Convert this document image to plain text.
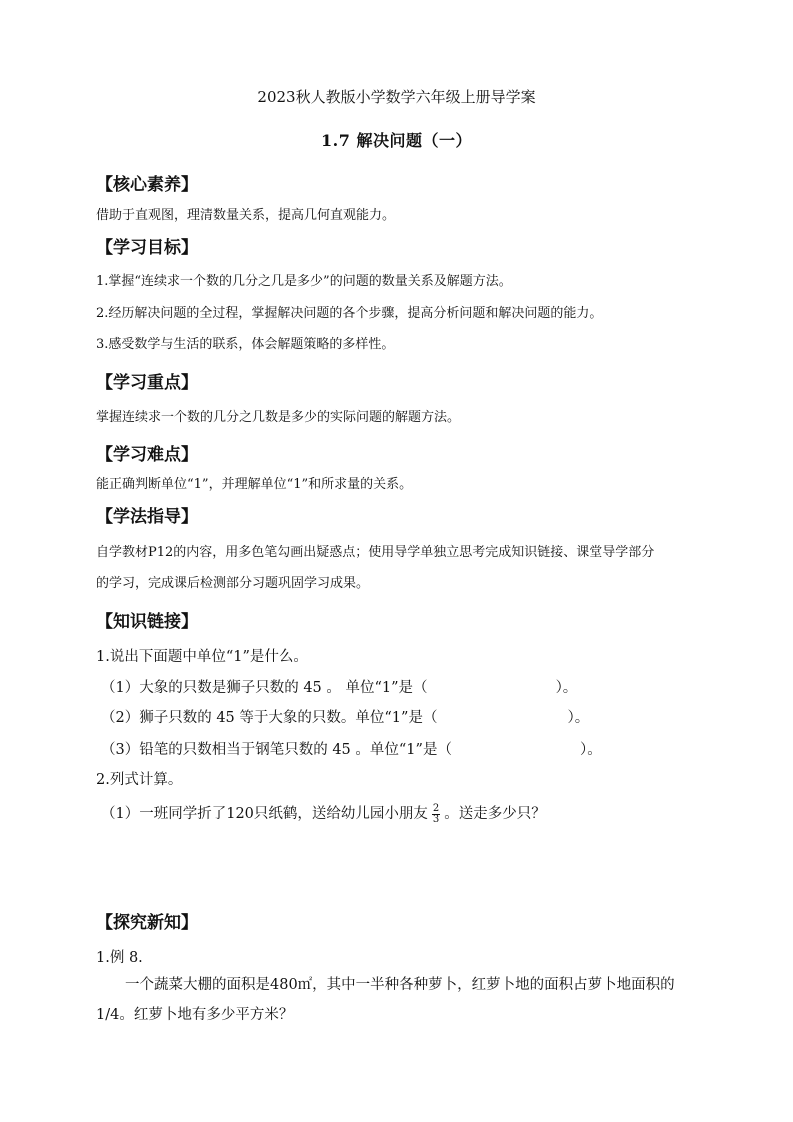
2023秋人教版小学数学六年级上册导学案
1.7 解决问题（一）
【核心素养】
借助于直观图，理清数量关系，提高几何直观能力。
【学习目标】
1.掌握“连续求一个数的几分之几是多少”的问题的数量关系及解题方法。
2.经历解决问题的全过程，掌握解决问题的各个步骤，提高分析问题和解决问题的能力。
3.感受数学与生活的联系，体会解题策略的多样性。
【学习重点】
掌握连续求一个数的几分之几数是多少的实际问题的解题方法。
【学习难点】
能正确判断单位“1”，并理解单位“1”和所求量的关系。
【学法指导】
自学教材P12的内容，用多色笔勾画出疑惑点；使用导学单独立思考完成知识链接、课堂导学部分
的学习，完成课后检测部分习题巩固学习成果。
【知识链接】
1.说出下面题中单位“1”是什么。
（1）大象的只数是狮子只数的 45 。 单位“1”是（	）。
（2）狮子只数的 45 等于大象的只数。单位“1”是（	）。
（3）铅笔的只数相当于钢笔只数的 45 。单位“1”是（	）。
2.列式计算。
（1）一班同学折了120只纸鹤，送给幼儿园小朋友 $\frac{2}{3}$ 。送走多少只？
【探究新知】
1.例 8.
一个蔬菜大棚的面积是480㎡，其中一半种各种萝卜，红萝卜地的面积占萝卜地面积的1/4。红萝卜地有多少平方米？
